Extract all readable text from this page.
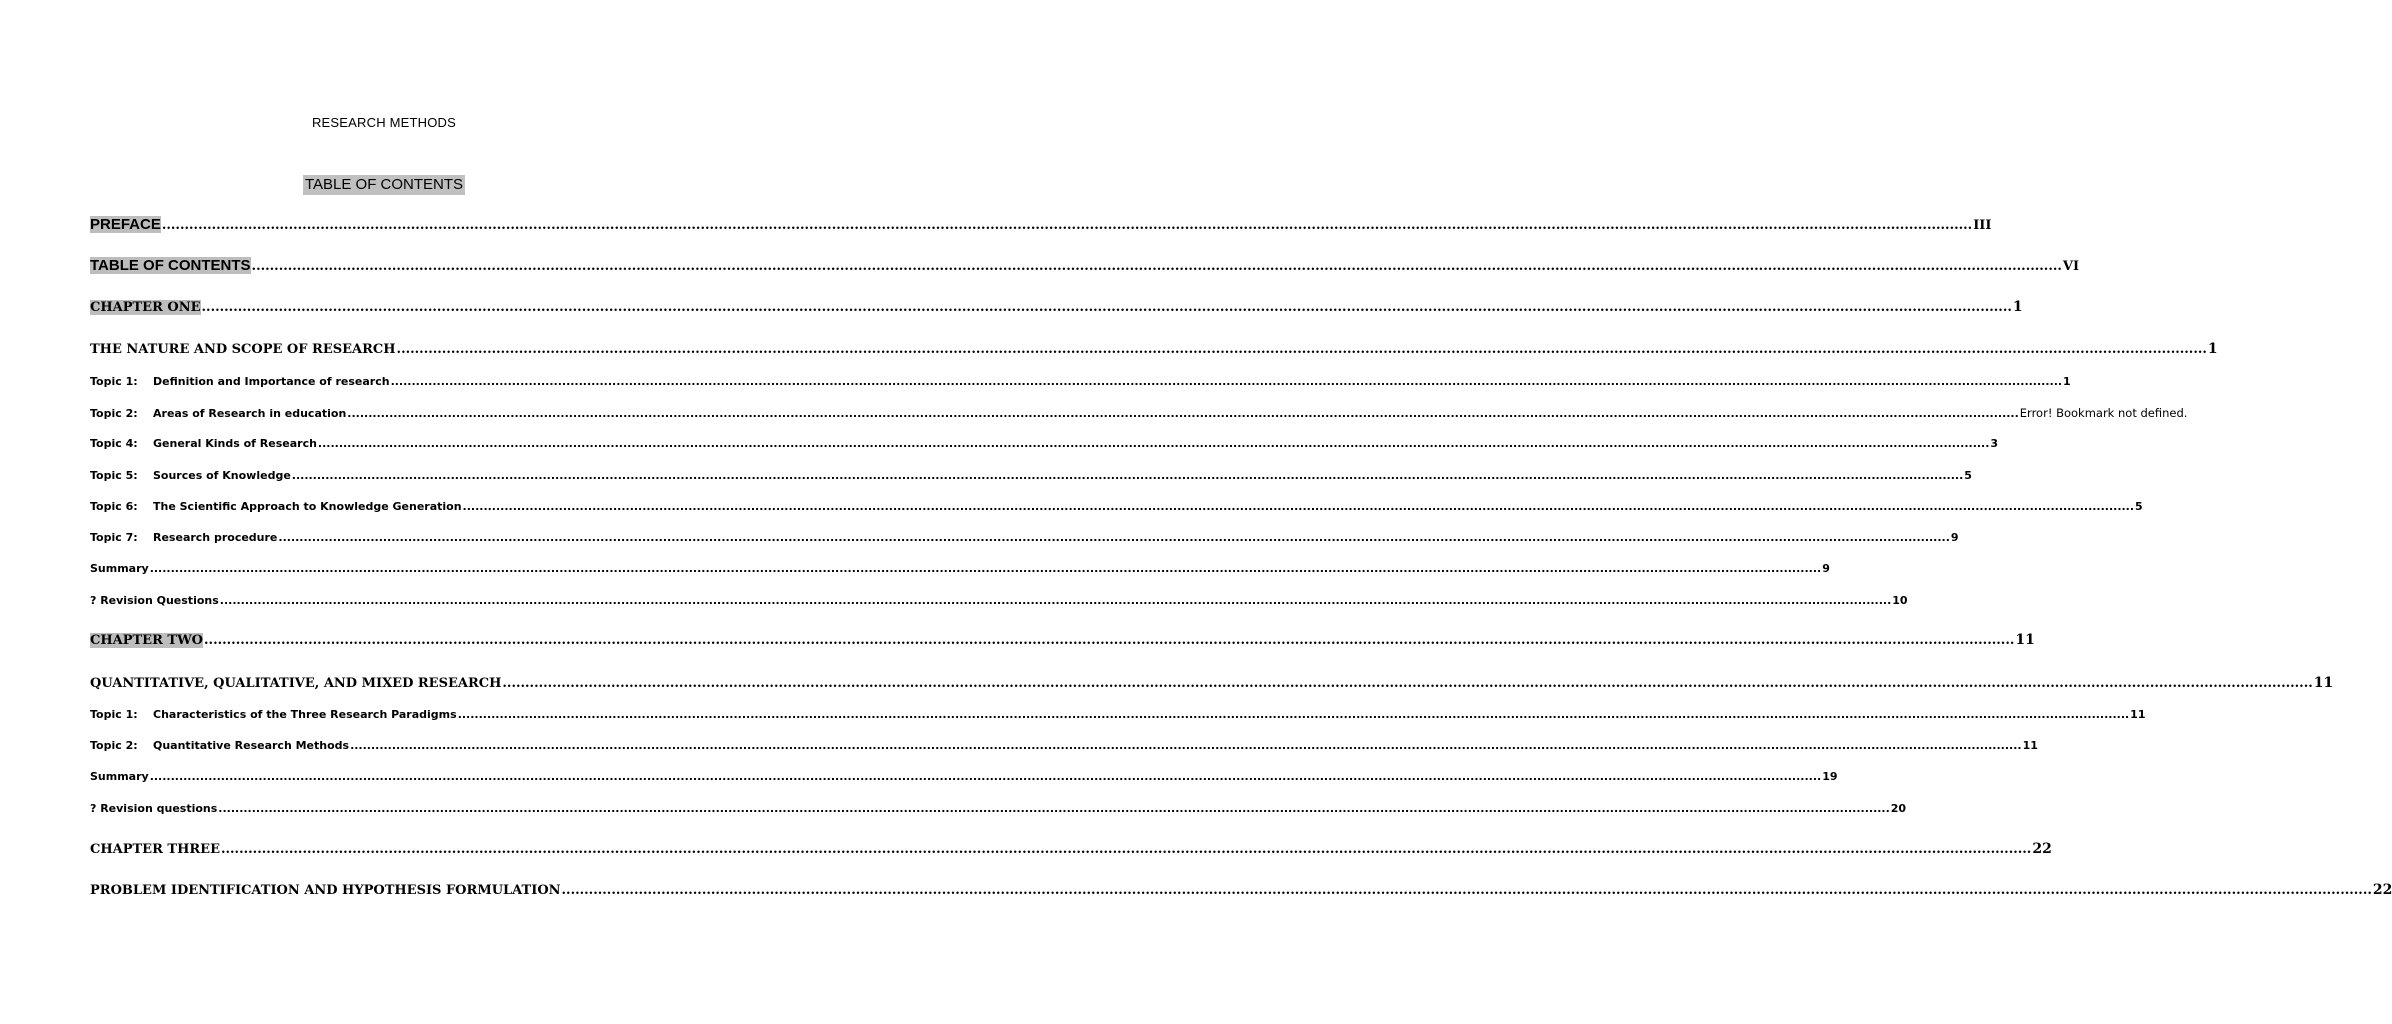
RESEARCH METHODS
TABLE OF CONTENTS
PREFACE ................................................................................................................................................................................................................................................................................................................................................................................................................ III
TABLE OF CONTENTS ................................................................................................................................................................................................................................................................................................................................................................................................................ VI
CHAPTER ONE ................................................................................................................................................................................................................................................................................................................................................................................................................ 1
THE NATURE AND SCOPE OF RESEARCH ................................................................................................................................................................................................................................................................................................................................................................................................................ 1
Topic 1: Definition and Importance of research ................................................................................................................................................................................................................................................................................................................................................................................................................ 1
Topic 2: Areas of Research in education ................................................................................................................................................................................................................................................................................................................................................................................................................ Error! Bookmark not defined.
Topic 4: General Kinds of Research ................................................................................................................................................................................................................................................................................................................................................................................................................ 3
Topic 5: Sources of Knowledge ................................................................................................................................................................................................................................................................................................................................................................................................................ 5
Topic 6: The Scientific Approach to Knowledge Generation ................................................................................................................................................................................................................................................................................................................................................................................................................ 5
Topic 7: Research procedure ................................................................................................................................................................................................................................................................................................................................................................................................................ 9
Summary ................................................................................................................................................................................................................................................................................................................................................................................................................ 9
? Revision Questions ................................................................................................................................................................................................................................................................................................................................................................................................................ 10
CHAPTER TWO ................................................................................................................................................................................................................................................................................................................................................................................................................ 11
QUANTITATIVE, QUALITATIVE, AND MIXED RESEARCH ................................................................................................................................................................................................................................................................................................................................................................................................................ 11
Topic 1: Characteristics of the Three Research Paradigms ................................................................................................................................................................................................................................................................................................................................................................................................................ 11
Topic 2: Quantitative Research Methods ................................................................................................................................................................................................................................................................................................................................................................................................................ 11
Summary ................................................................................................................................................................................................................................................................................................................................................................................................................ 19
? Revision questions ................................................................................................................................................................................................................................................................................................................................................................................................................ 20
CHAPTER THREE ................................................................................................................................................................................................................................................................................................................................................................................................................ 22
PROBLEM IDENTIFICATION AND HYPOTHESIS FORMULATION ................................................................................................................................................................................................................................................................................................................................................................................................................ 22
